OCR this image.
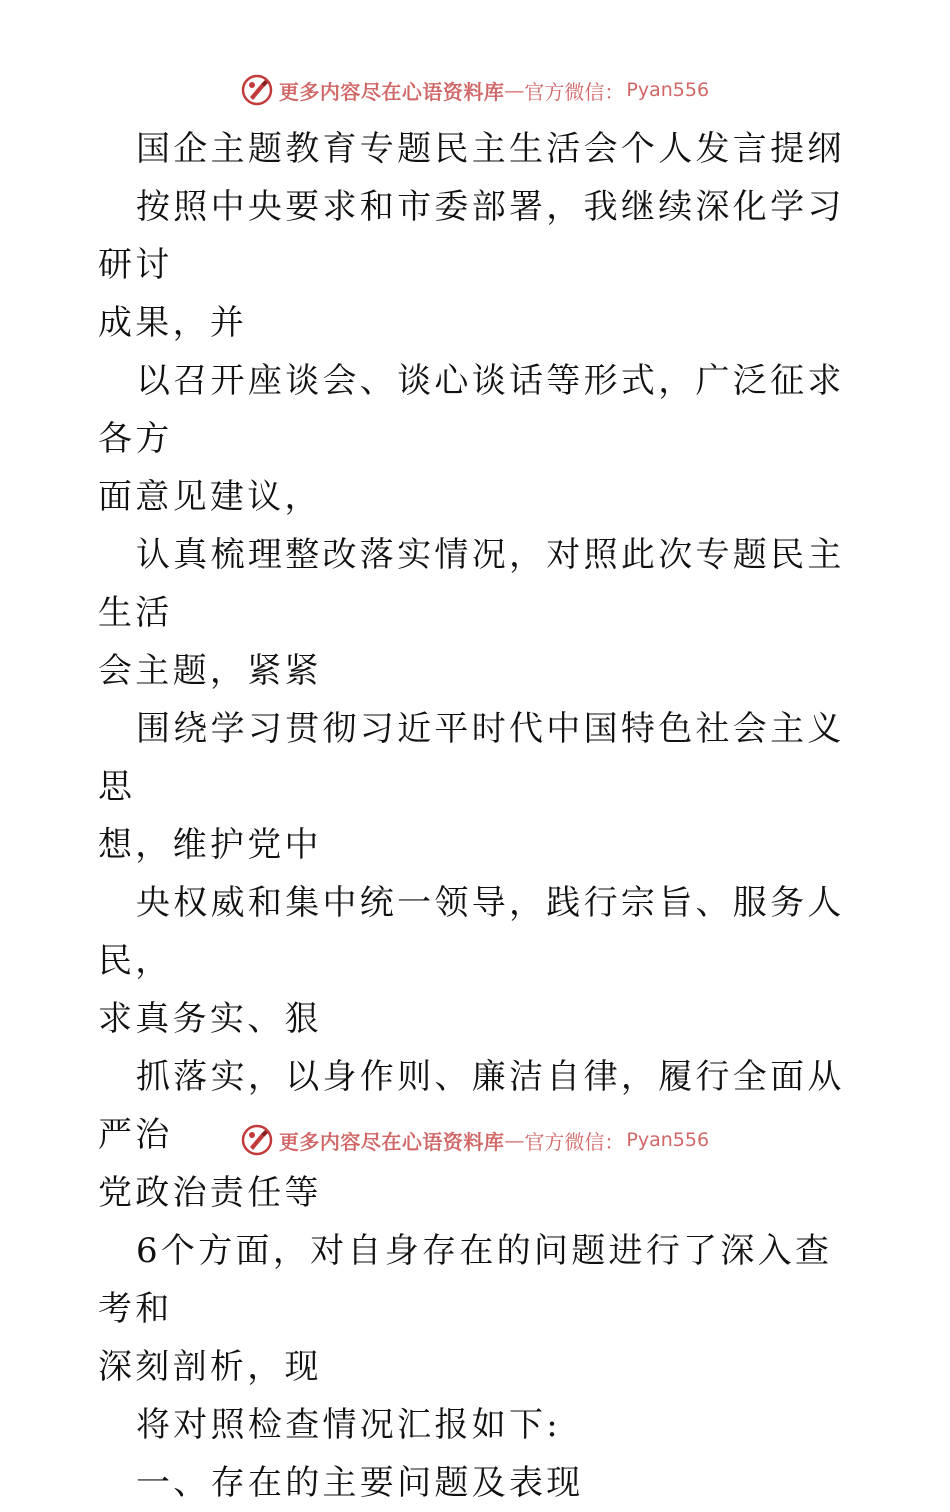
更多内容尽在心语资料库 — 官方微信： Pyan556

国企主题教育专题民主生活会个人发言提纲

按照中央要求和市委部署，我继续深化学习研讨
成果，并

以召开座谈会、谈心谈话等形式，广泛征求各方
面意见建议，

认真梳理整改落实情况，对照此次专题民主生活
会主题，紧紧

围绕学习贯彻习近平时代中国特色社会主义思
想，维护党中

央权威和集中统一领导，践行宗旨、服务人民，
求真务实、狠

抓落实，以身作则、廉洁自律，履行全面从严治
党政治责任等

6个方面，对自身存在的问题进行了深入查考和
深刻剖析，现

将对照检查情况汇报如下:

一、存在的主要问题及表现

更多内容尽在心语资料库 — 官方微信： Pyan556
